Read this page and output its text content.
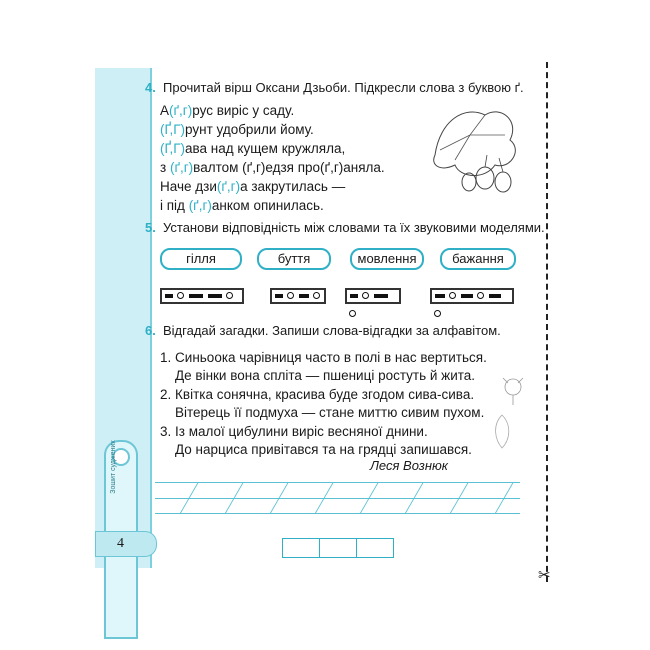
Зошит суджених
4
✂
4. Прочитай вірш Оксани Дзьоби. Підкресли слова з буквою ґ.
А(ґ,г)рус виріс у саду.
(Ґ,Г)рунт удобрили йому.
(Ґ,Г)ава над кущем кружляла,
з (ґ,г)валтом (ґ,г)едзя про(ґ,г)аняла.
Наче дзи(ґ,г)а закрутилась —
і під (ґ,г)анком опинилась.
5. Установи відповідність між словами та їх звуковими моделями.
гілля	буття	мовлення	бажання
6. Відгадай загадки. Запиши слова-відгадки за алфавітом.
1. Синьоока чарівниця часто в полі в нас вертиться.
Де вінки вона спліта — пшениці ростуть й жита.
2. Квітка сонячна, красива буде згодом сива-сива.
Вітерець її подмуха — стане миттю сивим пухом.
3. Із малої цибулини виріс весняної днини.
До нарциса привітався та на грядці запишався.
Леся Вознюк
